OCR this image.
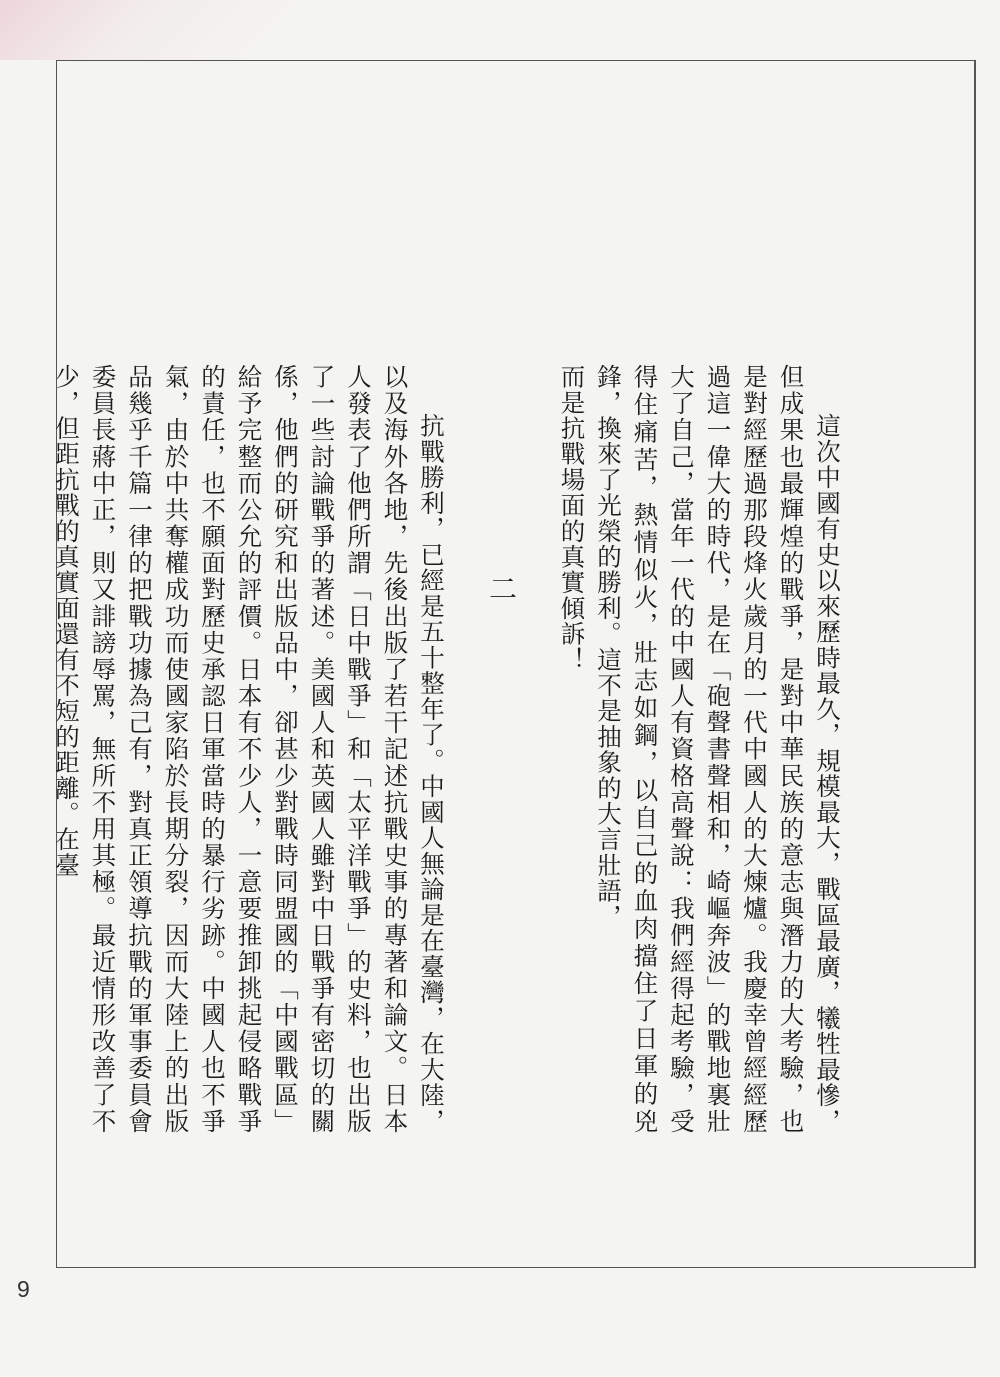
這次中國有史以來歷時最久，規模最大，戰區最廣，犧牲最慘，但成果也最輝煌的戰爭，是對中華民族的意志與潛力的大考驗，也是對經歷過那段烽火歲月的一代中國人的大煉爐。我慶幸曾經經歷過這一偉大的時代，是在「砲聲書聲相和，崎嶇奔波」的戰地裏壯大了自己，當年一代的中國人有資格高聲說：我們經得起考驗，受得住痛苦，熱情似火，壯志如鋼，以自己的血肉擋住了日軍的兇鋒，換來了光榮的勝利。這不是抽象的大言壯語，

而是抗戰場面的真實傾訴！

二

抗戰勝利，已經是五十整年了。中國人無論是在臺灣，在大陸，以及海外各地，先後出版了若干記述抗戰史事的專著和論文。日本人發表了他們所謂「日中戰爭」和「太平洋戰爭」的史料，也出版了一些討論戰爭的著述。美國人和英國人雖對中日戰爭有密切的關係，他們的研究和出版品中，卻甚少對戰時同盟國的「中國戰區」給予完整而公允的評價。日本有不少人，一意要推卸挑起侵略戰爭的責任，也不願面對歷史承認日軍當時的暴行劣跡。中國人也不爭氣，由於中共奪權成功而使國家陷於長期分裂，因而大陸上的出版品幾乎千篇一律的把戰功據為己有，對真正領導抗戰的軍事委員會委員長蔣中正，則又誹謗辱罵，無所不用其極。最近情形改善了不少，但距抗戰的真實面還有不短的距離。在臺

9
